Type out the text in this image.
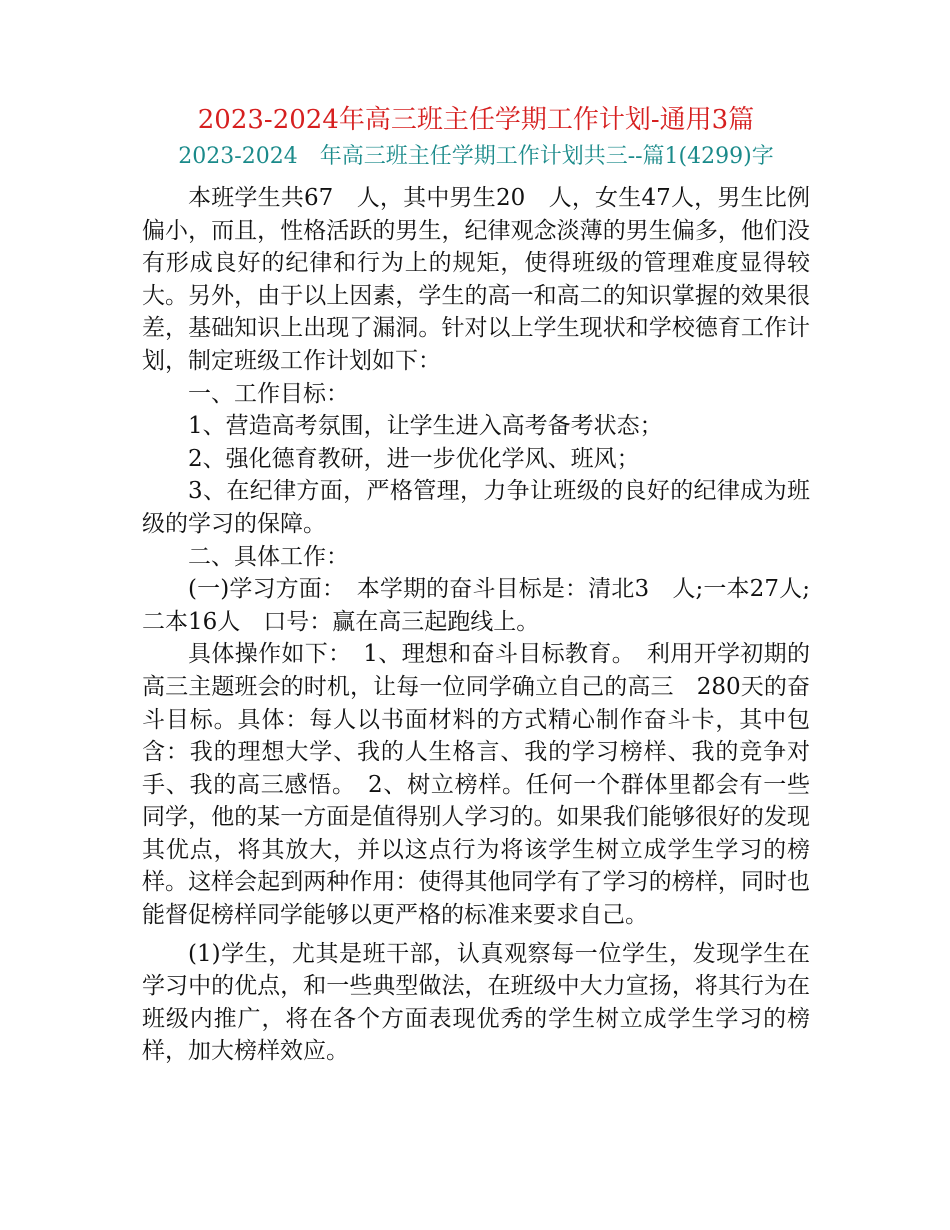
2023-2024年高三班主任学期工作计划-通用3篇
2023-2024　年高三班主任学期工作计划共三--篇1(4299)字

本班学生共67　人，其中男生20　人，女生47人，男生比例偏小，而且，性格活跃的男生，纪律观念淡薄的男生偏多，他们没有形成良好的纪律和行为上的规矩，使得班级的管理难度显得较大。另外，由于以上因素，学生的高一和高二的知识掌握的效果很差，基础知识上出现了漏洞。针对以上学生现状和学校德育工作计划，制定班级工作计划如下：

一、工作目标：

1、营造高考氛围，让学生进入高考备考状态；

2、强化德育教研，进一步优化学风、班风；

3、在纪律方面，严格管理，力争让班级的良好的纪律成为班级的学习的保障。

二、具体工作：

(一)学习方面：　本学期的奋斗目标是：清北3　人;一本27人;二本16人　口号：赢在高三起跑线上。

具体操作如下：　1、理想和奋斗目标教育。　利用开学初期的高三主题班会的时机，让每一位同学确立自己的高三　280天的奋斗目标。具体：每人以书面材料的方式精心制作奋斗卡，其中包含：我的理想大学、我的人生格言、我的学习榜样、我的竞争对手、我的高三感悟。　2、树立榜样。任何一个群体里都会有一些同学，他的某一方面是值得别人学习的。如果我们能够很好的发现其优点，将其放大，并以这点行为将该学生树立成学生学习的榜样。这样会起到两种作用：使得其他同学有了学习的榜样，同时也能督促榜样同学能够以更严格的标准来要求自己。

(1)学生，尤其是班干部，认真观察每一位学生，发现学生在学习中的优点，和一些典型做法，在班级中大力宣扬，将其行为在班级内推广，将在各个方面表现优秀的学生树立成学生学习的榜样，加大榜样效应。
